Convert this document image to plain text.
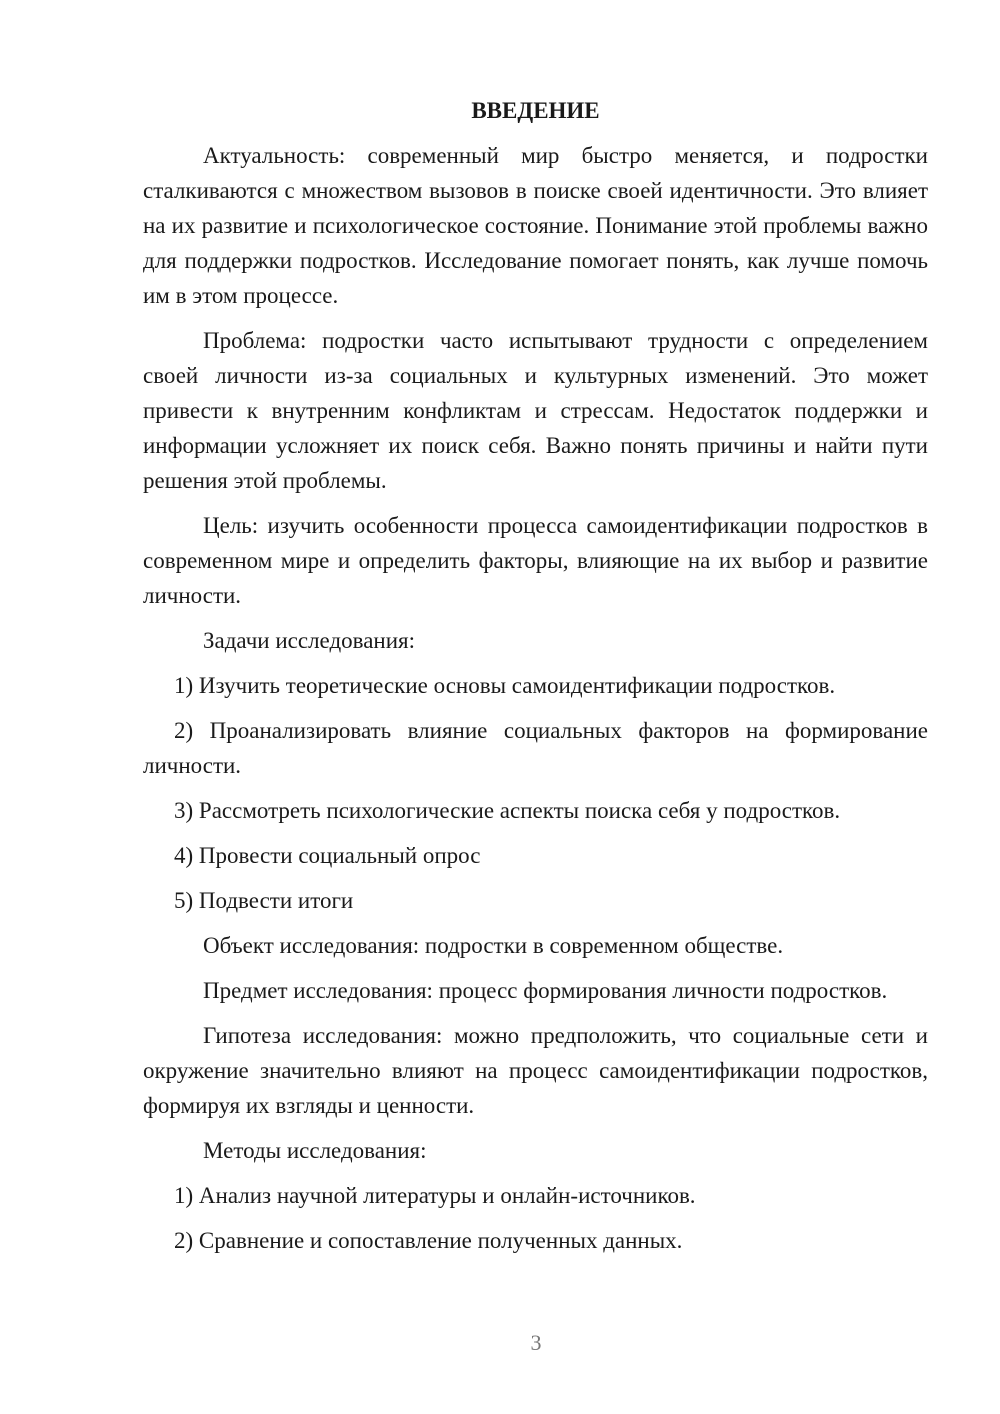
ВВЕДЕНИЕ

Актуальность: современный мир быстро меняется, и подростки сталкиваются с множеством вызовов в поиске своей идентичности. Это влияет на их развитие и психологическое состояние. Понимание этой проблемы важно для поддержки подростков. Исследование помогает понять, как лучше помочь им в этом процессе.

Проблема: подростки часто испытывают трудности с определением своей личности из-за социальных и культурных изменений. Это может привести к внутренним конфликтам и стрессам. Недостаток поддержки и информации усложняет их поиск себя. Важно понять причины и найти пути решения этой проблемы.

Цель: изучить особенности процесса самоидентификации подростков в современном мире и определить факторы, влияющие на их выбор и развитие личности.

Задачи исследования:

1) Изучить теоретические основы самоидентификации подростков.

2) Проанализировать влияние социальных факторов на формирование личности.

3) Рассмотреть психологические аспекты поиска себя у подростков.

4) Провести социальный опрос

5) Подвести итоги

Объект исследования: подростки в современном обществе.

Предмет исследования: процесс формирования личности подростков.

Гипотеза исследования: можно предположить, что социальные сети и окружение значительно влияют на процесс самоидентификации подростков, формируя их взгляды и ценности.

Методы исследования:

1) Анализ научной литературы и онлайн-источников.

2) Сравнение и сопоставление полученных данных.

3
